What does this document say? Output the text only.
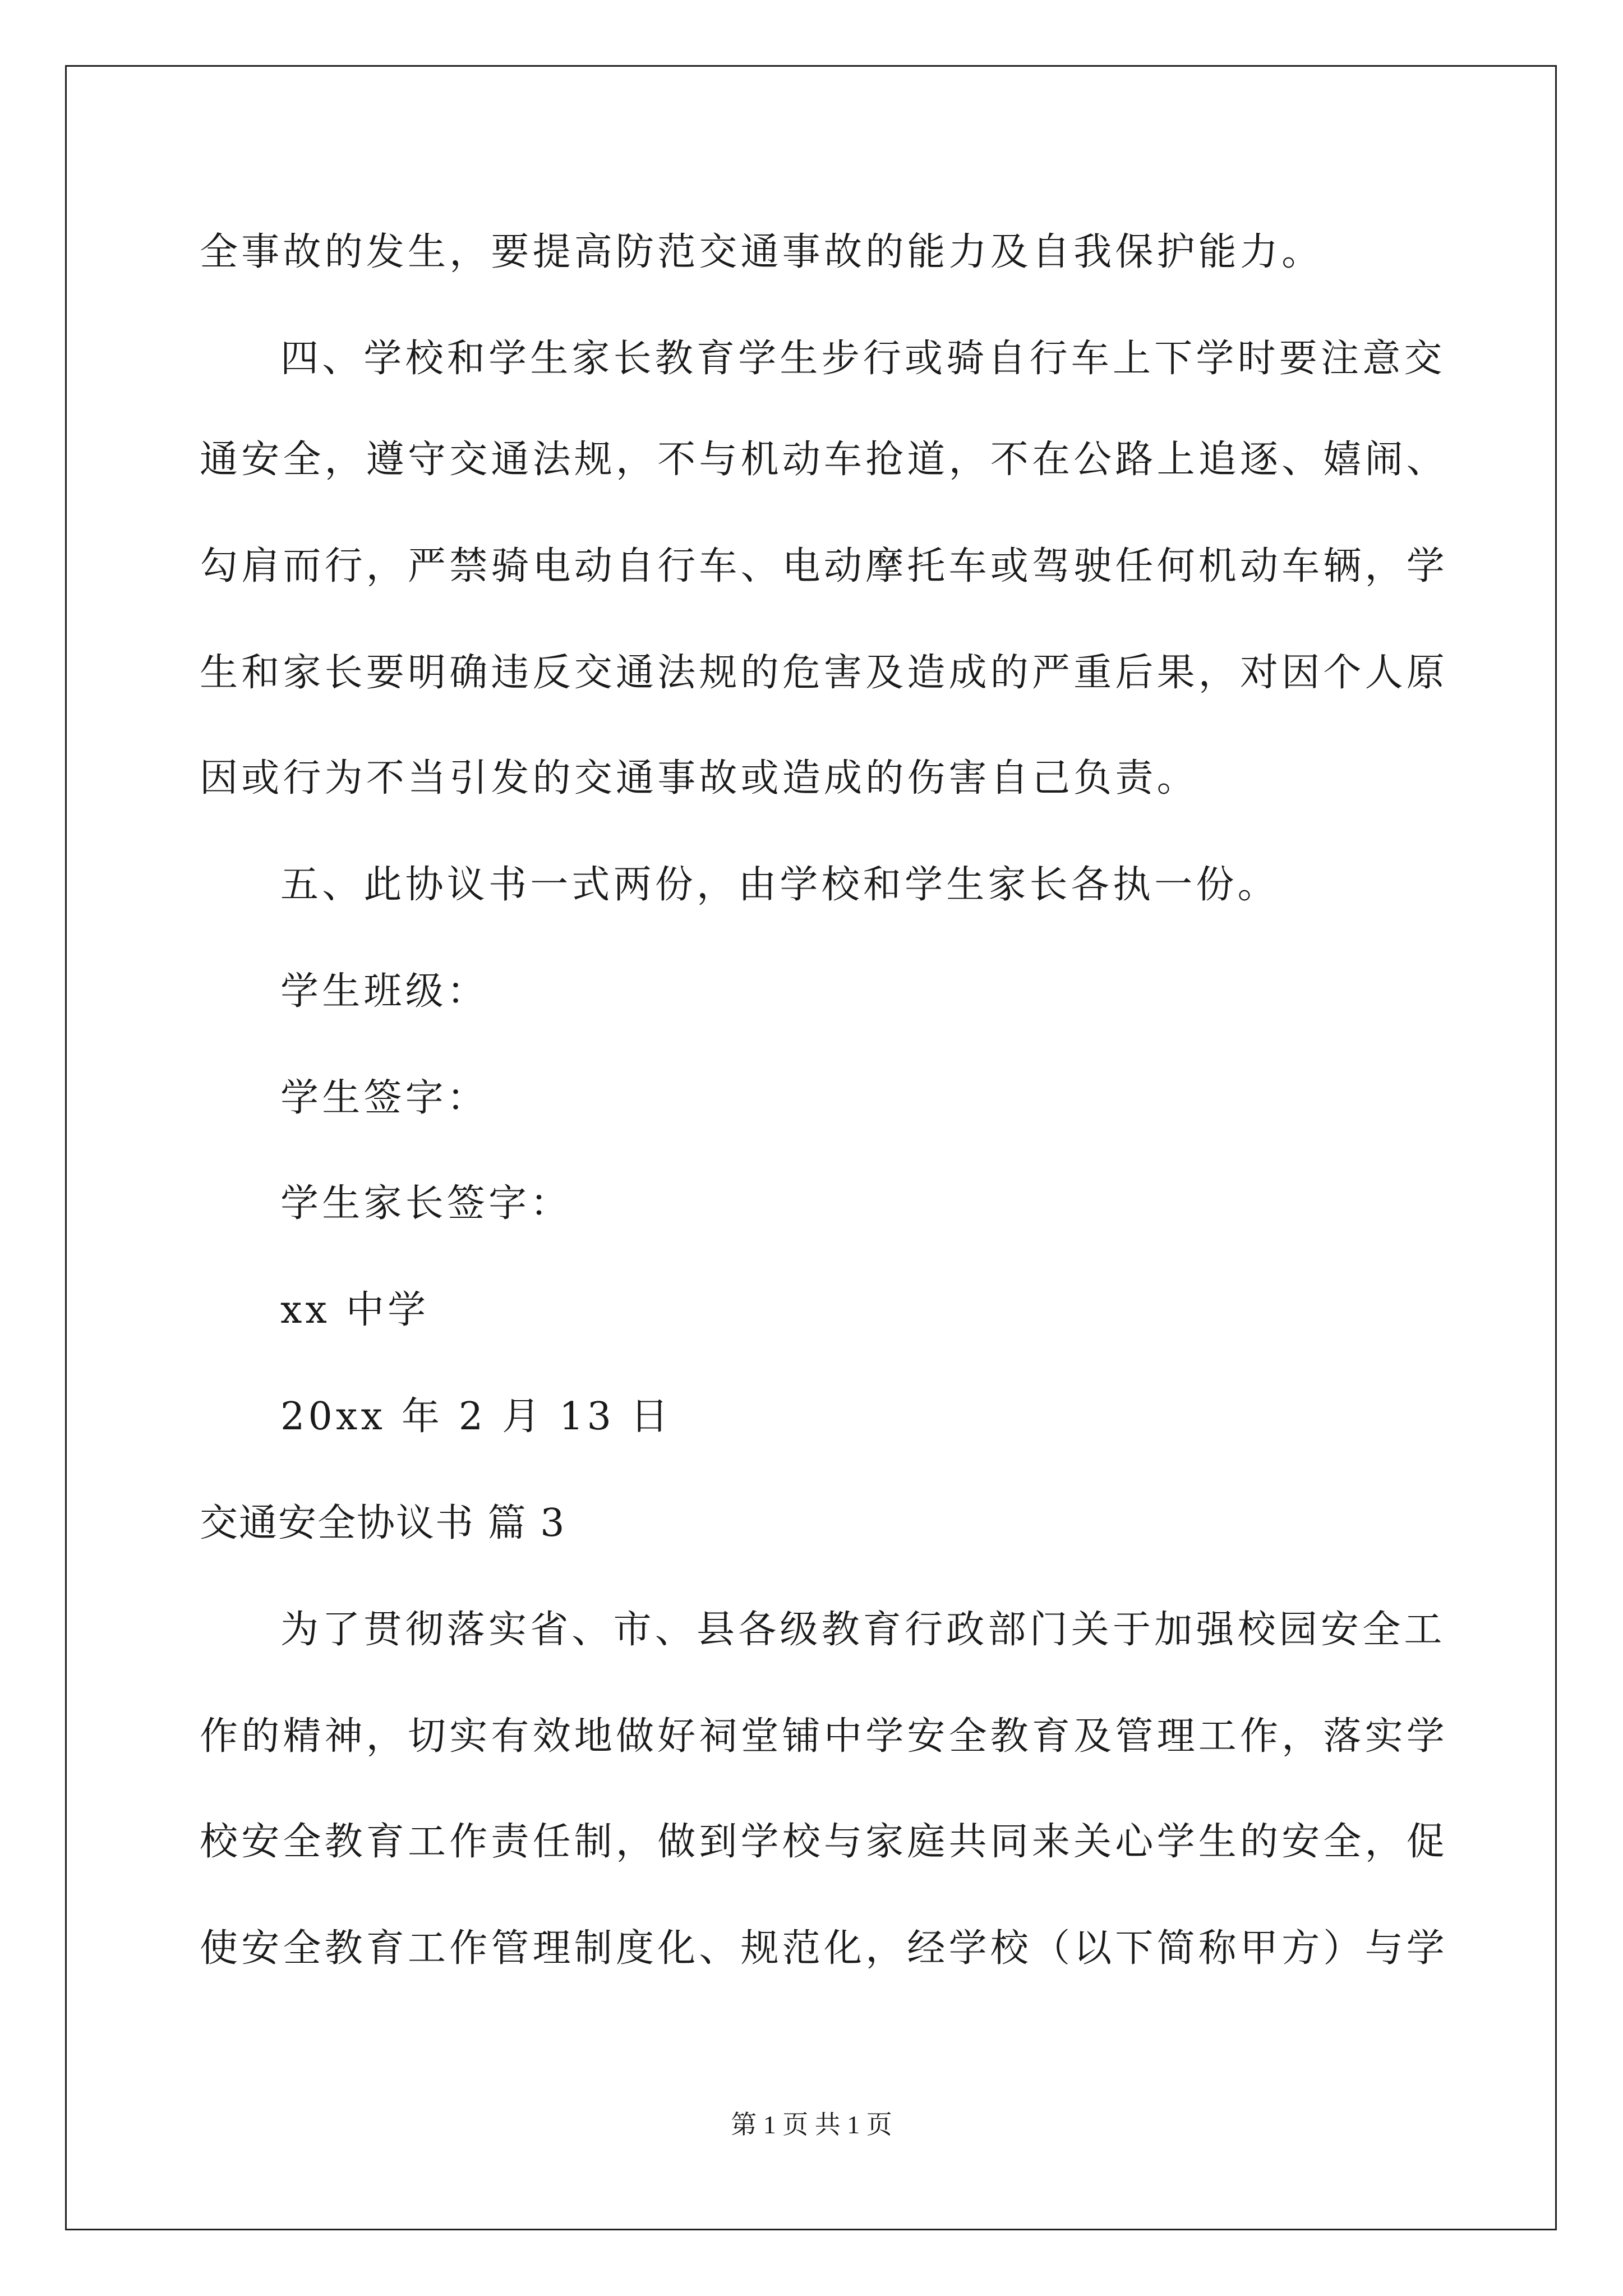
全事故的发生，要提高防范交通事故的能力及自我保护能力。
四、学校和学生家长教育学生步行或骑自行车上下学时要注意交
通安全，遵守交通法规，不与机动车抢道，不在公路上追逐、嬉闹、
勾肩而行，严禁骑电动自行车、电动摩托车或驾驶任何机动车辆，学
生和家长要明确违反交通法规的危害及造成的严重后果，对因个人原
因或行为不当引发的交通事故或造成的伤害自己负责。
五、此协议书一式两份，由学校和学生家长各执一份。
学生班级：
学生签字：
学生家长签字：
xx 中学
20xx 年 2 月 13 日
交通安全协议书 篇 3
为了贯彻落实省、市、县各级教育行政部门关于加强校园安全工
作的精神，切实有效地做好祠堂铺中学安全教育及管理工作，落实学
校安全教育工作责任制，做到学校与家庭共同来关心学生的安全，促
使安全教育工作管理制度化、规范化，经学校（以下简称甲方）与学
第 1 页 共 1 页
